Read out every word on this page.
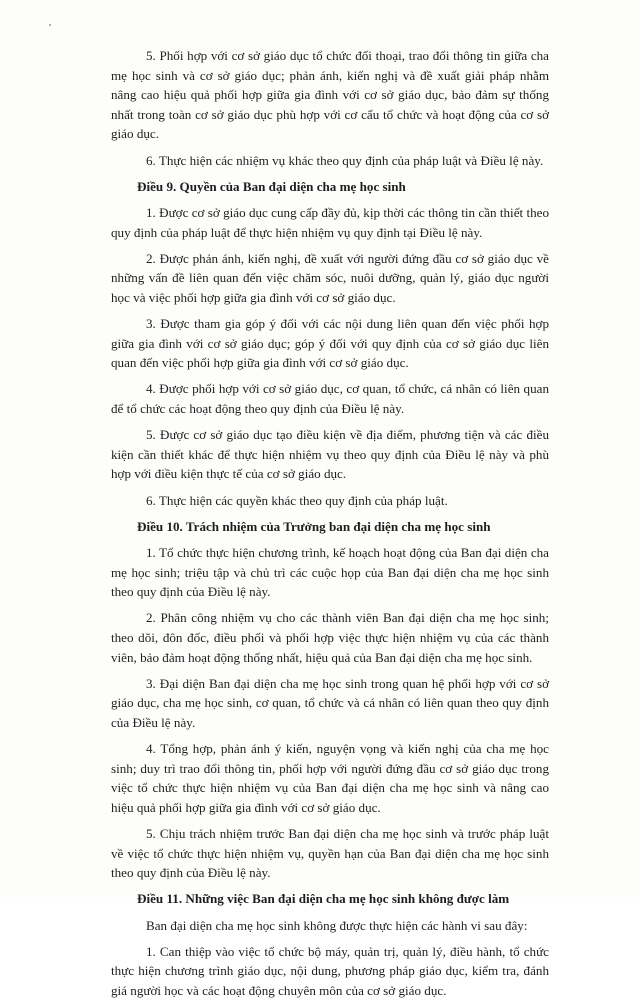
5. Phối hợp với cơ sở giáo dục tổ chức đối thoại, trao đổi thông tin giữa cha mẹ học sinh và cơ sở giáo dục; phản ánh, kiến nghị và đề xuất giải pháp nhằm nâng cao hiệu quả phối hợp giữa gia đình với cơ sở giáo dục, bảo đảm sự thống nhất trong toàn cơ sở giáo dục phù hợp với cơ cấu tổ chức và hoạt động của cơ sở giáo dục.

6. Thực hiện các nhiệm vụ khác theo quy định của pháp luật và Điều lệ này.

Điều 9. Quyền của Ban đại diện cha mẹ học sinh

1. Được cơ sở giáo dục cung cấp đầy đủ, kịp thời các thông tin cần thiết theo quy định của pháp luật để thực hiện nhiệm vụ quy định tại Điều lệ này.

2. Được phản ánh, kiến nghị, đề xuất với người đứng đầu cơ sở giáo dục về những vấn đề liên quan đến việc chăm sóc, nuôi dưỡng, quản lý, giáo dục người học và việc phối hợp giữa gia đình với cơ sở giáo dục.

3. Được tham gia góp ý đối với các nội dung liên quan đến việc phối hợp giữa gia đình với cơ sở giáo dục; góp ý đối với quy định của cơ sở giáo dục liên quan đến việc phối hợp giữa gia đình với cơ sở giáo dục.

4. Được phối hợp với cơ sở giáo dục, cơ quan, tổ chức, cá nhân có liên quan để tổ chức các hoạt động theo quy định của Điều lệ này.

5. Được cơ sở giáo dục tạo điều kiện về địa điểm, phương tiện và các điều kiện cần thiết khác để thực hiện nhiệm vụ theo quy định của Điều lệ này và phù hợp với điều kiện thực tế của cơ sở giáo dục.

6. Thực hiện các quyền khác theo quy định của pháp luật.

Điều 10. Trách nhiệm của Trưởng ban đại diện cha mẹ học sinh

1. Tổ chức thực hiện chương trình, kế hoạch hoạt động của Ban đại diện cha mẹ học sinh; triệu tập và chủ trì các cuộc họp của Ban đại diện cha mẹ học sinh theo quy định của Điều lệ này.

2. Phân công nhiệm vụ cho các thành viên Ban đại diện cha mẹ học sinh; theo dõi, đôn đốc, điều phối và phối hợp việc thực hiện nhiệm vụ của các thành viên, bảo đảm hoạt động thống nhất, hiệu quả của Ban đại diện cha mẹ học sinh.

3. Đại diện Ban đại diện cha mẹ học sinh trong quan hệ phối hợp với cơ sở giáo dục, cha mẹ học sinh, cơ quan, tổ chức và cá nhân có liên quan theo quy định của Điều lệ này.

4. Tổng hợp, phản ánh ý kiến, nguyện vọng và kiến nghị của cha mẹ học sinh; duy trì trao đổi thông tin, phối hợp với người đứng đầu cơ sở giáo dục trong việc tổ chức thực hiện nhiệm vụ của Ban đại diện cha mẹ học sinh và nâng cao hiệu quả phối hợp giữa gia đình với cơ sở giáo dục.

5. Chịu trách nhiệm trước Ban đại diện cha mẹ học sinh và trước pháp luật về việc tổ chức thực hiện nhiệm vụ, quyền hạn của Ban đại diện cha mẹ học sinh theo quy định của Điều lệ này.

Điều 11. Những việc Ban đại diện cha mẹ học sinh không được làm

Ban đại diện cha mẹ học sinh không được thực hiện các hành vi sau đây:

1. Can thiệp vào việc tổ chức bộ máy, quản trị, quản lý, điều hành, tổ chức thực hiện chương trình giáo dục, nội dung, phương pháp giáo dục, kiểm tra, đánh giá người học và các hoạt động chuyên môn của cơ sở giáo dục.
